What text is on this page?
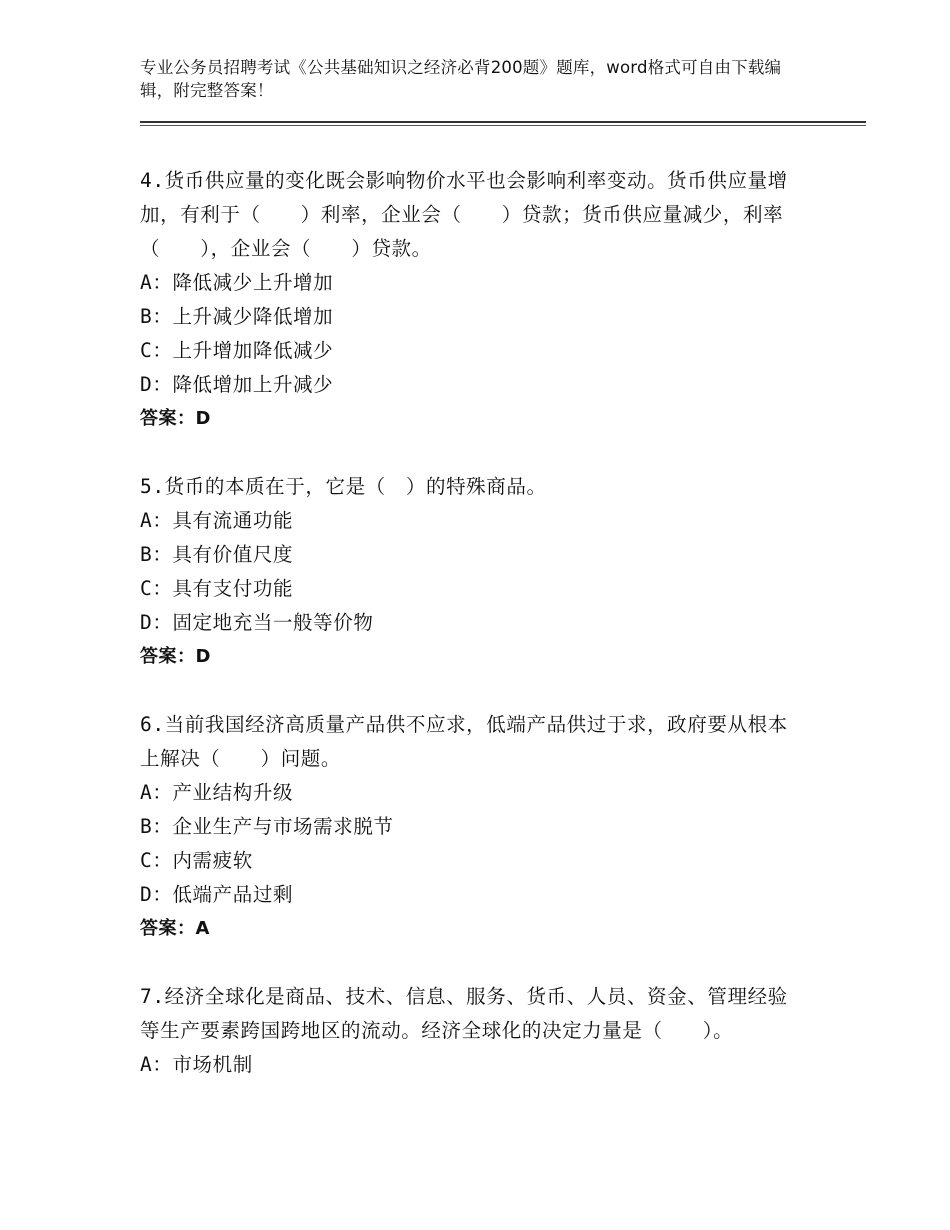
专业公务员招聘考试《公共基础知识之经济必背200题》题库，word格式可自由下载编辑，附完整答案！

4.货币供应量的变化既会影响物价水平也会影响利率变动。货币供应量增加，有利于（　　）利率，企业会（　　）贷款；货币供应量减少，利率（　　），企业会（　　）贷款。

A：降低减少上升增加

B：上升减少降低增加

C：上升增加降低减少

D：降低增加上升减少

答案：D

5.货币的本质在于，它是（　）的特殊商品。

A：具有流通功能

B：具有价值尺度

C：具有支付功能

D：固定地充当一般等价物

答案：D

6.当前我国经济高质量产品供不应求，低端产品供过于求，政府要从根本上解决（　　）问题。

A：产业结构升级

B：企业生产与市场需求脱节

C：内需疲软

D：低端产品过剩

答案：A

7.经济全球化是商品、技术、信息、服务、货币、人员、资金、管理经验等生产要素跨国跨地区的流动。经济全球化的决定力量是（　　）。

A：市场机制
